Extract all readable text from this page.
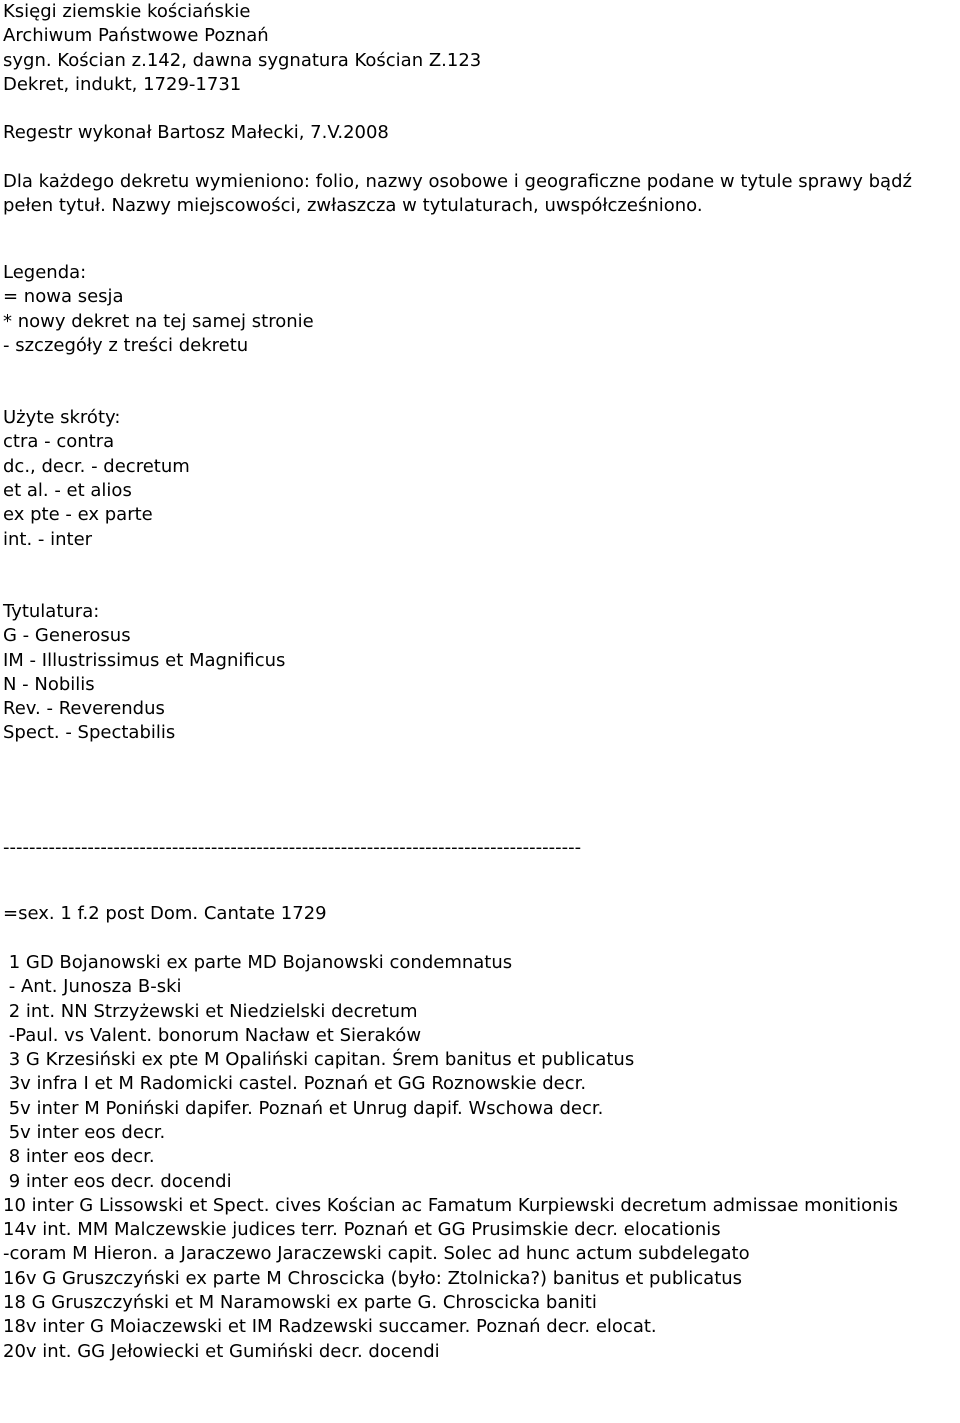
Księgi ziemskie kościańskie
Archiwum Państwowe Poznań
sygn. Kościan z.142, dawna sygnatura Kościan Z.123
Dekret, indukt, 1729-1731
Regestr wykonał Bartosz Małecki, 7.V.2008
Dla każdego dekretu wymieniono: folio, nazwy osobowe i geograficzne podane w tytule sprawy bądź pełen tytuł. Nazwy miejscowości, zwłaszcza w tytulaturach, uwspółcześniono.
Legenda:
= nowa sesja
* nowy dekret na tej samej stronie
- szczegóły z treści dekretu
Użyte skróty:
ctra - contra
dc., decr. - decretum
et al. - et alios
ex pte - ex parte
int. - inter
Tytulatura:
G - Generosus
IM - Illustrissimus et Magnificus
N - Nobilis
Rev. - Reverendus
Spect. - Spectabilis
-----------------------------------------------------------------------------------------
=sex. 1 f.2 post Dom. Cantate 1729
1 GD Bojanowski ex parte MD Bojanowski condemnatus
- Ant. Junosza B-ski
2 int. NN Strzyżewski et Niedzielski decretum
-Paul. vs Valent. bonorum Nacław et Sieraków
3 G Krzesiński ex pte M Opaliński capitan. Śrem banitus et publicatus
3v infra I et M Radomicki castel. Poznań et GG Roznowskie decr.
5v inter M Poniński dapifer. Poznań et Unrug dapif. Wschowa decr.
5v inter eos decr.
8 inter eos decr.
9 inter eos decr. docendi
10 inter G Lissowski et Spect. cives Kościan ac Famatum Kurpiewski decretum admissae monitionis
14v int. MM Malczewskie judices terr. Poznań et GG Prusimskie decr. elocationis
-coram M Hieron. a Jaraczewo Jaraczewski capit. Solec ad hunc actum subdelegato
16v G Gruszczyński ex parte M Chroscicka (było: Ztolnicka?) banitus et publicatus
18 G Gruszczyński et M Naramowski ex parte G. Chroscicka baniti
18v inter G Moiaczewski et IM Radzewski succamer. Poznań decr. elocat.
20v int. GG Jełowiecki et Gumiński decr. docendi
